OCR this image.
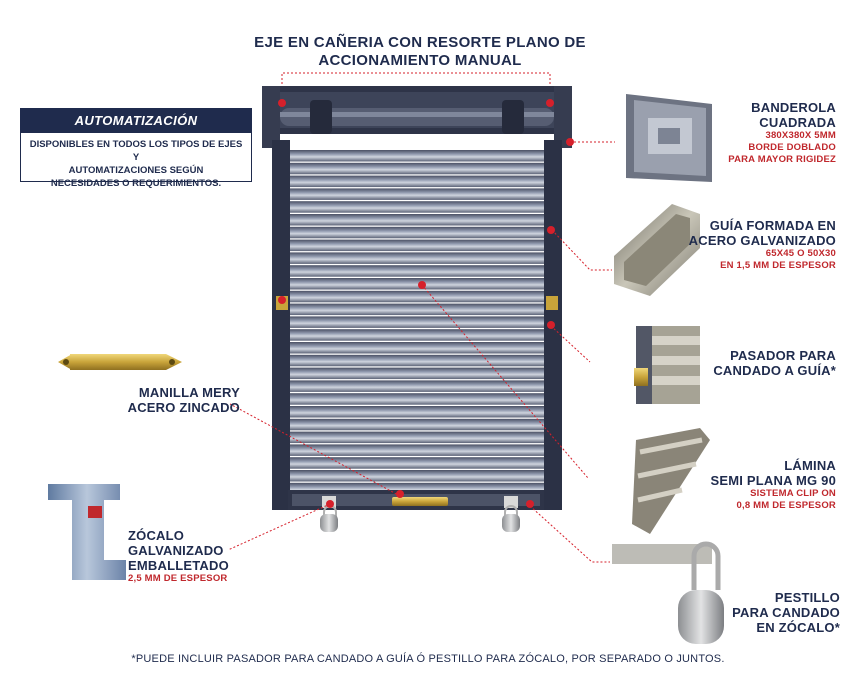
EJE EN CAÑERIA CON RESORTE PLANO DE
ACCIONAMIENTO MANUAL
AUTOMATIZACIÓN
DISPONIBLES EN TODOS LOS TIPOS DE EJES Y
AUTOMATIZACIONES SEGÚN
NECESIDADES O REQUERIMIENTOS.
BANDEROLA
CUADRADA
380X380X 5MM
BORDE DOBLADO
PARA MAYOR RIGIDEZ
GUÍA FORMADA EN
ACERO GALVANIZADO
65X45 O 50X30
EN 1,5 MM DE ESPESOR
PASADOR PARA
CANDADO A GUÍA*
LÁMINA
SEMI PLANA MG 90
SISTEMA CLIP ON
0,8 MM DE ESPESOR
PESTILLO
PARA CANDADO
EN ZÓCALO*
MANILLA MERY
ACERO ZINCADO
ZÓCALO
GALVANIZADO
EMBALLETADO
2,5 MM DE ESPESOR
*PUEDE INCLUIR PASADOR PARA CANDADO A GUÍA Ó PESTILLO PARA ZÓCALO, POR SEPARADO O JUNTOS.
